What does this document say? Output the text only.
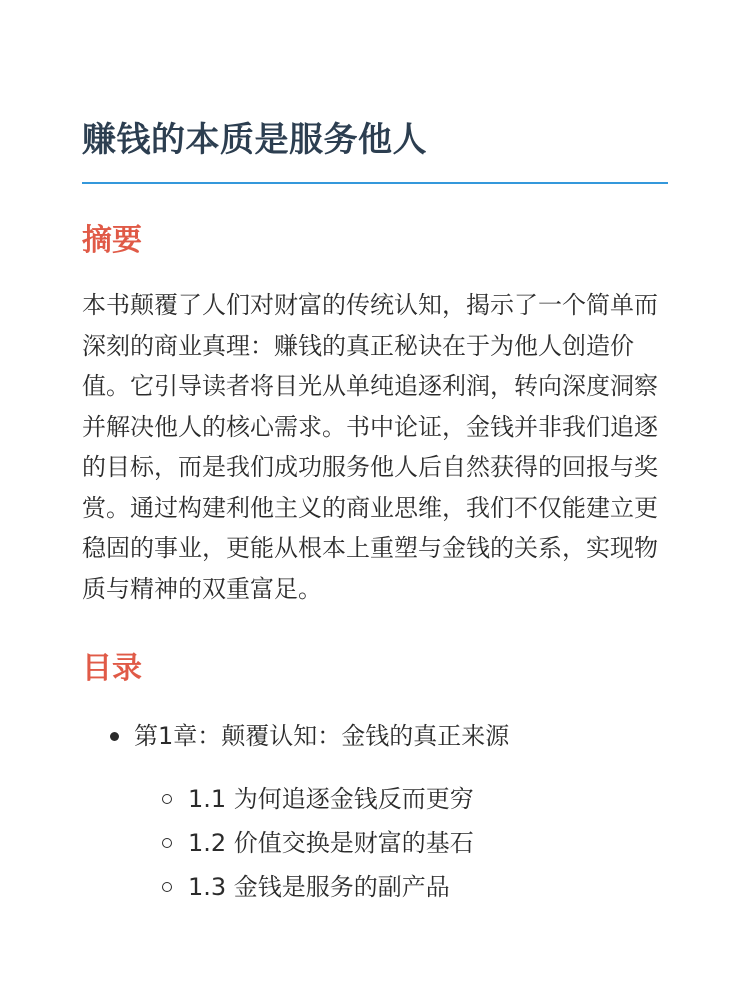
赚钱的本质是服务他人
摘要

本书颠覆了人们对财富的传统认知，揭示了一个简单而深刻的商业真理：赚钱的真正秘诀在于为他人创造价值。它引导读者将目光从单纯追逐利润，转向深度洞察并解决他人的核心需求。书中论证，金钱并非我们追逐的目标，而是我们成功服务他人后自然获得的回报与奖赏。通过构建利他主义的商业思维，我们不仅能建立更稳固的事业，更能从根本上重塑与金钱的关系，实现物质与精神的双重富足。

目录
第1章：颠覆认知：金钱的真正来源
1.1 为何追逐金钱反而更穷
1.2 价值交换是财富的基石
1.3 金钱是服务的副产品
